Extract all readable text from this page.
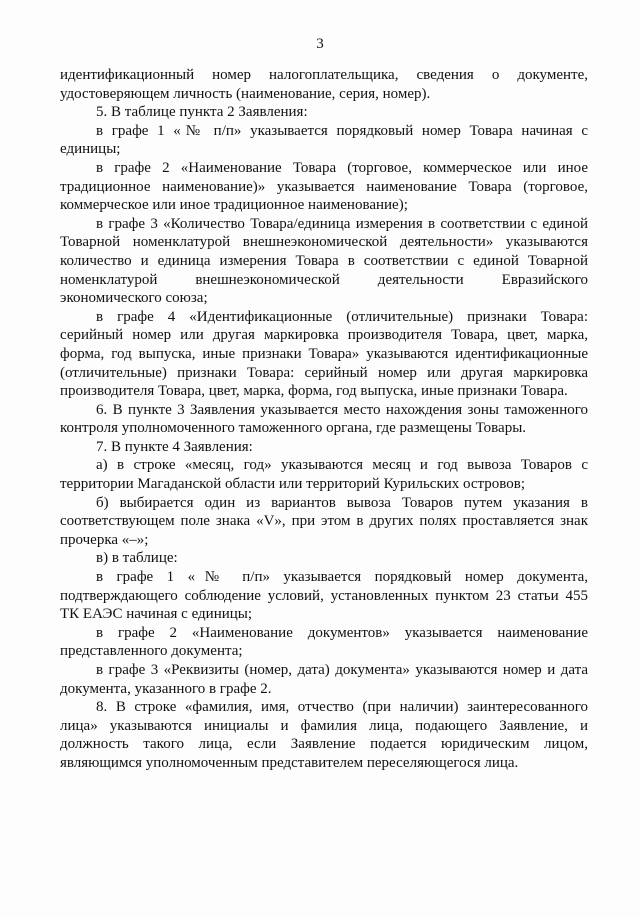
3

идентификационный номер налогоплательщика, сведения о документе, удостоверяющем личность (наименование, серия, номер).

5. В таблице пункта 2 Заявления:

в графе 1 «№ п/п» указывается порядковый номер Товара начиная с единицы;

в графе 2 «Наименование Товара (торговое, коммерческое или иное традиционное наименование)» указывается наименование Товара (торговое, коммерческое или иное традиционное наименование);

в графе 3 «Количество Товара/единица измерения в соответствии с единой Товарной номенклатурой внешнеэкономической деятельности» указываются количество и единица измерения Товара в соответствии с единой Товарной номенклатурой внешнеэкономической деятельности Евразийского экономического союза;

в графе 4 «Идентификационные (отличительные) признаки Товара: серийный номер или другая маркировка производителя Товара, цвет, марка, форма, год выпуска, иные признаки Товара» указываются идентификационные (отличительные) признаки Товара: серийный номер или другая маркировка производителя Товара, цвет, марка, форма, год выпуска, иные признаки Товара.

6. В пункте 3 Заявления указывается место нахождения зоны таможенного контроля уполномоченного таможенного органа, где размещены Товары.

7. В пункте 4 Заявления:

а) в строке «месяц, год» указываются месяц и год вывоза Товаров с территории Магаданской области или территорий Курильских островов;

б) выбирается один из вариантов вывоза Товаров путем указания в соответствующем поле знака «V», при этом в других полях проставляется знак прочерка «–»;

в) в таблице:

в графе 1 «№ п/п» указывается порядковый номер документа, подтверждающего соблюдение условий, установленных пунктом 23 статьи 455 ТК ЕАЭС начиная с единицы;

в графе 2 «Наименование документов» указывается наименование представленного документа;

в графе 3 «Реквизиты (номер, дата) документа» указываются номер и дата документа, указанного в графе 2.

8. В строке «фамилия, имя, отчество (при наличии) заинтересованного лица» указываются инициалы и фамилия лица, подающего Заявление, и должность такого лица, если Заявление подается юридическим лицом, являющимся уполномоченным представителем переселяющегося лица.
